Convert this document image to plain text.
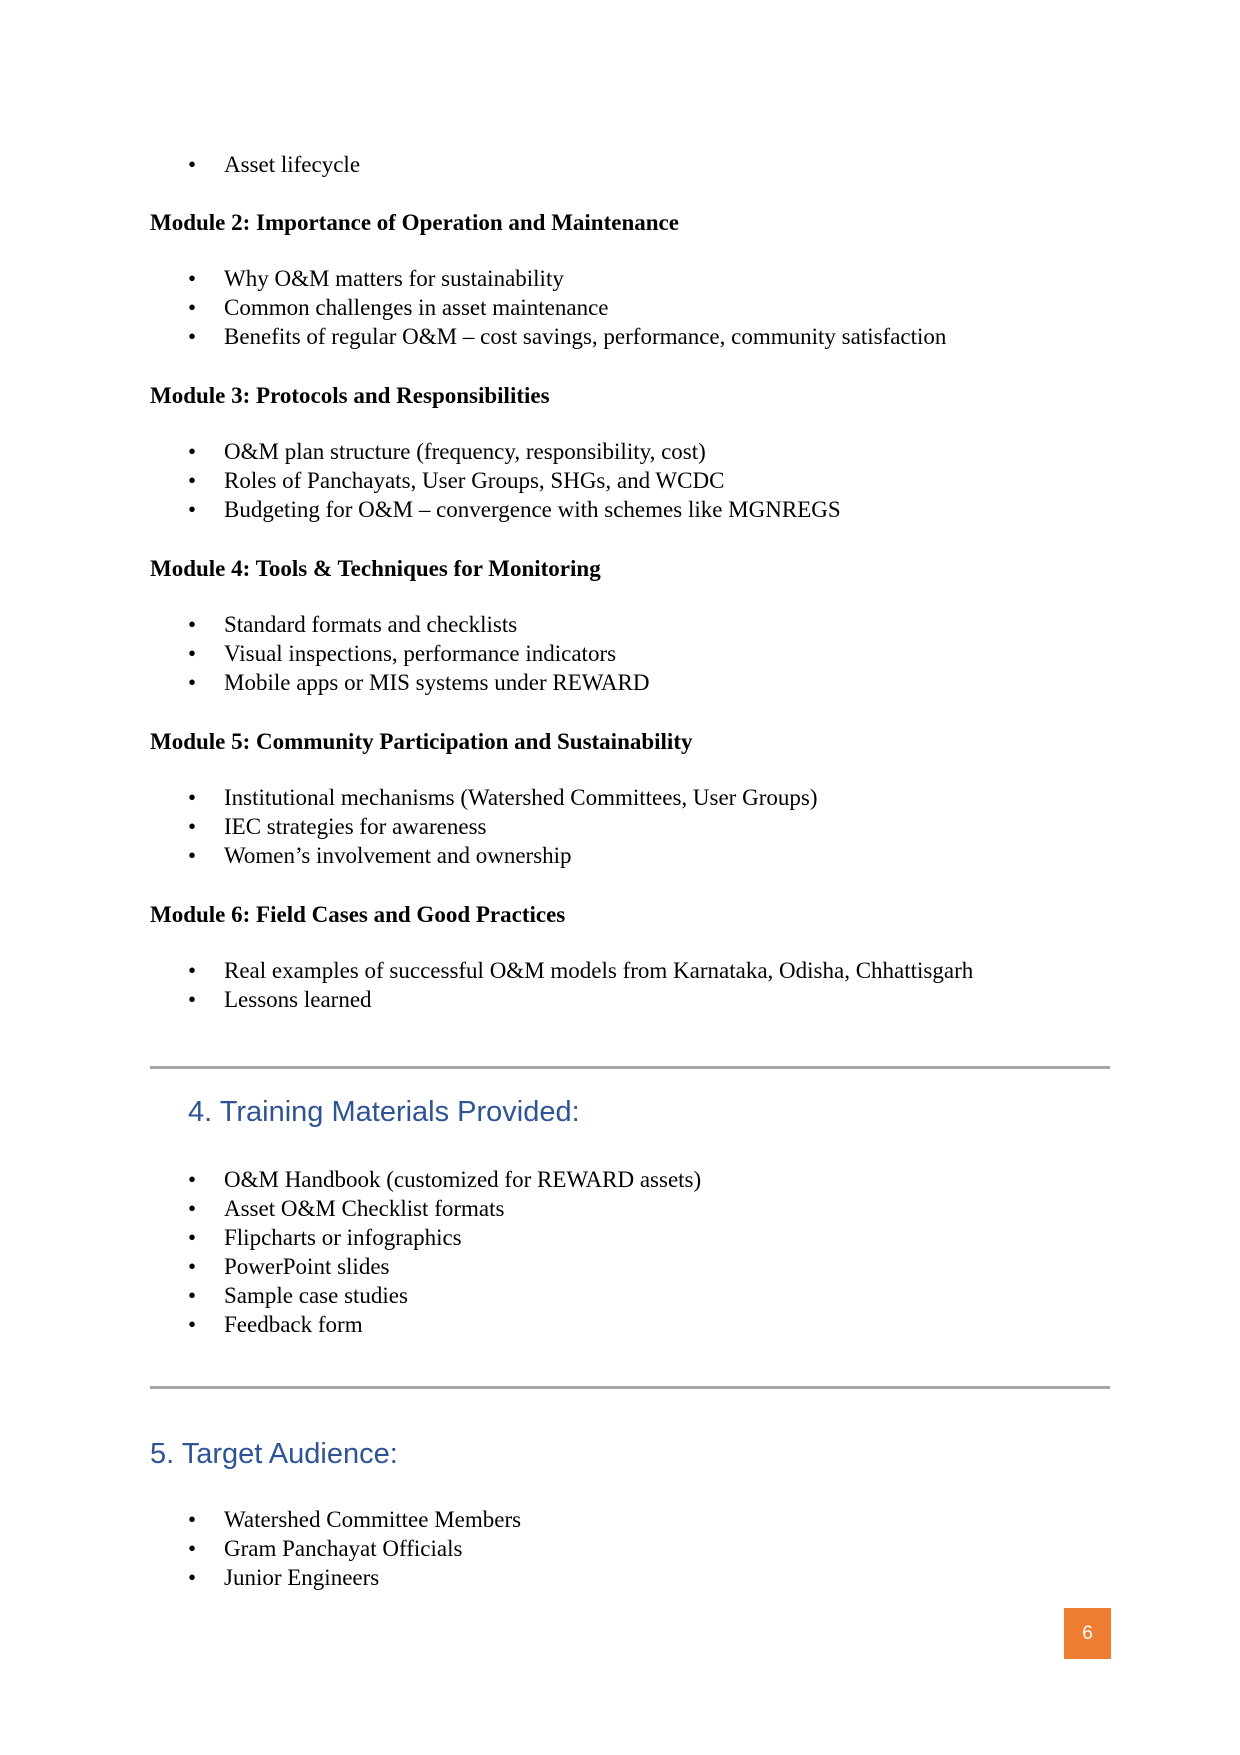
•	Asset lifecycle
Module 2: Importance of Operation and Maintenance
•	Why O&M matters for sustainability
•	Common challenges in asset maintenance
•	Benefits of regular O&M – cost savings, performance, community satisfaction
Module 3: Protocols and Responsibilities
•	O&M plan structure (frequency, responsibility, cost)
•	Roles of Panchayats, User Groups, SHGs, and WCDC
•	Budgeting for O&M – convergence with schemes like MGNREGS
Module 4: Tools & Techniques for Monitoring
•	Standard formats and checklists
•	Visual inspections, performance indicators
•	Mobile apps or MIS systems under REWARD
Module 5: Community Participation and Sustainability
•	Institutional mechanisms (Watershed Committees, User Groups)
•	IEC strategies for awareness
•	Women’s involvement and ownership
Module 6: Field Cases and Good Practices
•	Real examples of successful O&M models from Karnataka, Odisha, Chhattisgarh
•	Lessons learned
4. Training Materials Provided:
•	O&M Handbook (customized for REWARD assets)
•	Asset O&M Checklist formats
•	Flipcharts or infographics
•	PowerPoint slides
•	Sample case studies
•	Feedback form
5. Target Audience:
•	Watershed Committee Members
•	Gram Panchayat Officials
•	Junior Engineers
6
